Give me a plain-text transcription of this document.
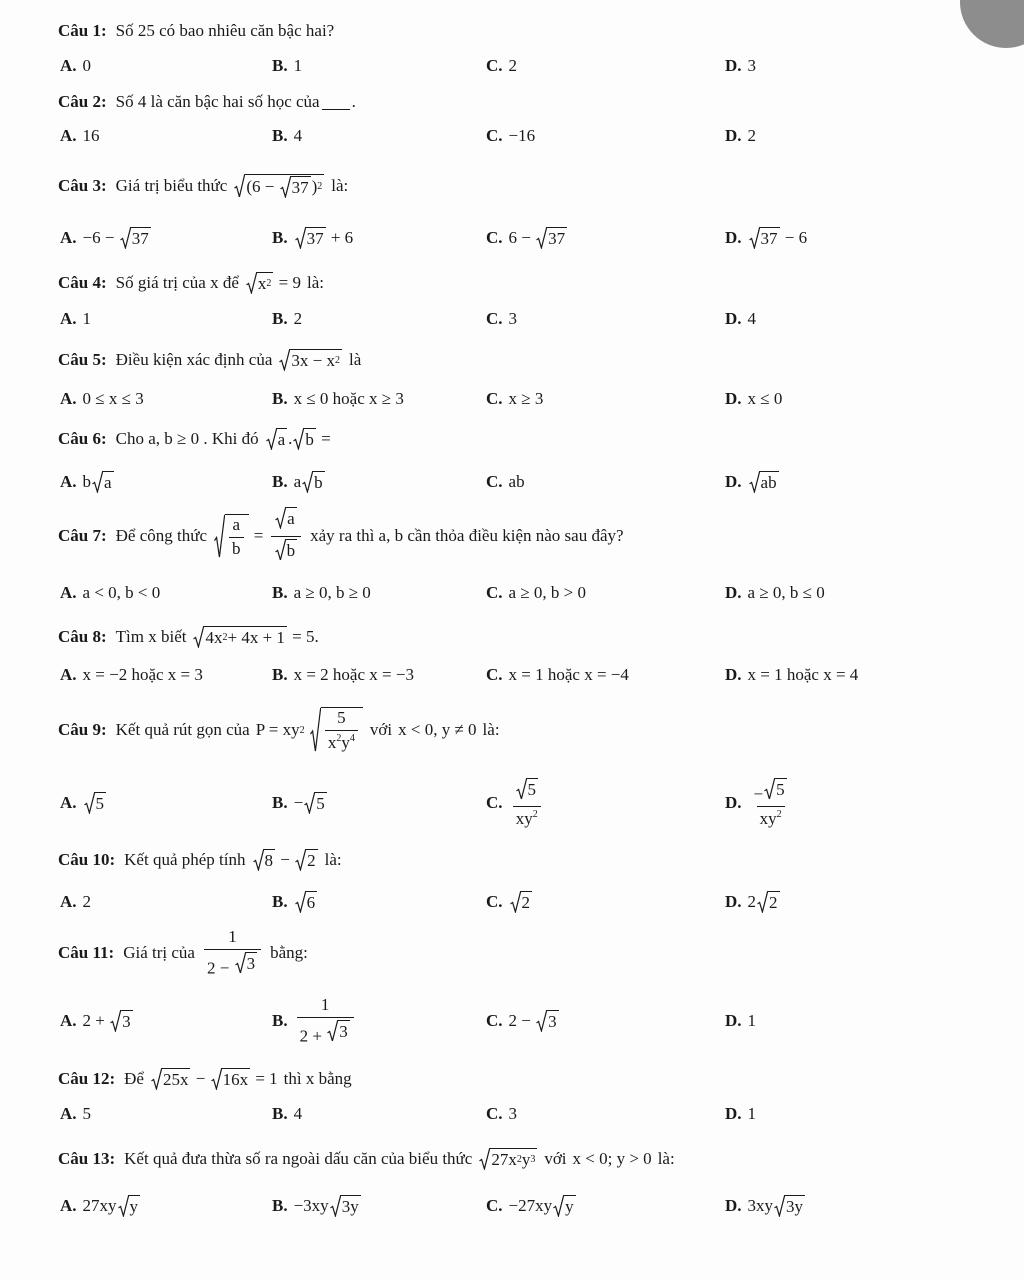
Câu 1: Số 25 có bao nhiêu căn bậc hai?
A. 0	B. 1	C. 2	D. 3
Câu 2: Số 4 là căn bậc hai số học của .
A. 16	B. 4	C. −16	D. 2
Câu 3: Giá trị biểu thức (6 − 37 ) 2 là:
A. −6 − 37	B. 37 + 6	C. 6 − 37	D. 37 − 6
Câu 4: Số giá trị của x để x 2 = 9 là:
A. 1	B. 2	C. 3	D. 4
Câu 5: Điều kiện xác định của 3x − x 2 là
A. 0 ≤ x ≤ 3	B. x ≤ 0 hoặc x ≥ 3	C. x ≥ 3	D. x ≤ 0
Câu 6: Cho a, b ≥ 0 . Khi đó a . b =
A. b a	B. a b	C. ab	D. ab
Câu 7: Để công thức $\frac{a}{b} = \frac{a}{b}$ xảy ra thì a, b cần thỏa điều kiện nào sau đây?
A. a < 0, b < 0	B. a ≥ 0, b ≥ 0	C. a ≥ 0, b > 0	D. a ≥ 0, b ≤ 0
Câu 8: Tìm x biết 4x 2 + 4x + 1 = 5.
A. x = −2 hoặc x = 3	B. x = 2 hoặc x = −3	C. x = 1 hoặc x = −4	D. x = 1 hoặc x = 4
Câu 9: Kết quả rút gọn của P = xy 2
$\frac{5}{x^2y^4}$ với x < 0, y ≠ 0 là:
A. 5	B. − 5	C. $\frac{5}{xy^2}$	D. $\frac{- 5}{xy^2}$
Câu 10: Kết quả phép tính 8 − 2 là:
A. 2	B. 6	C. 2	D. 2 2
Câu 11: Giá trị của $\frac{1}{2 - 3}$ bằng:
A. 2 + 3	B. $\frac{1}{2 + 3}$	C. 2 − 3	D. 1
Câu 12: Để 25x − 16x = 1 thì x bằng
A. 5	B. 4	C. 3	D. 1
Câu 13: Kết quả đưa thừa số ra ngoài dấu căn của biểu thức 27x 2 y 3 với x < 0; y > 0 là:
A. 27xy y	B. −3xy 3y	C. −27xy y	D. 3xy 3y
